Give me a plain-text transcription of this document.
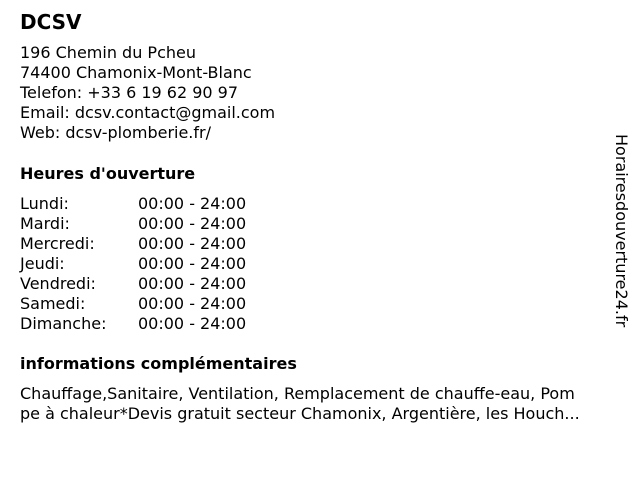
DCSV
196 Chemin du Pcheu
74400 Chamonix-Mont-Blanc
Telefon: +33 6 19 62 90 97
Email: dcsv.contact@gmail.com
Web: dcsv-plomberie.fr/
Heures d'ouverture
Lundi:	00:00 - 24:00
Mardi:	00:00 - 24:00
Mercredi:	00:00 - 24:00
Jeudi:	00:00 - 24:00
Vendredi:	00:00 - 24:00
Samedi:	00:00 - 24:00
Dimanche:	00:00 - 24:00
informations complémentaires
Chauffage,Sanitaire, Ventilation, Remplacement de chauffe-eau, Pom
pe à chaleur*Devis gratuit secteur Chamonix, Argentière, les Houch...
Horairesdouverture24.fr
